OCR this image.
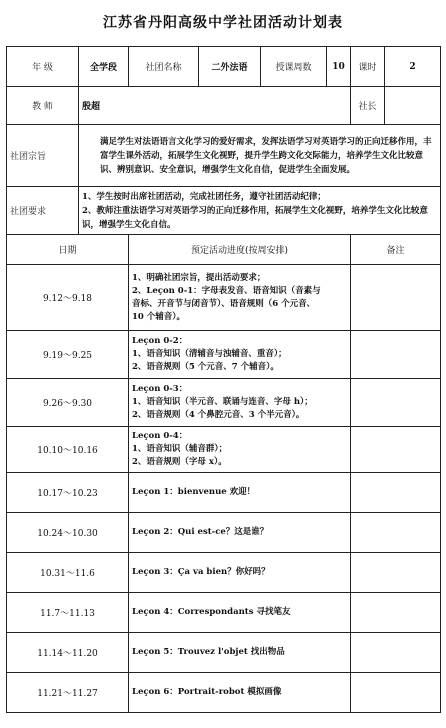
江苏省丹阳高级中学社团活动计划表
年 级	全学段	社团名称	二外法语	授课周数	10	课时	2
教 师	殷超					社长	
社团宗旨	满足学生对法语语言文化学习的爱好需求，发挥法语学习对英语学习的正向迁移作用，丰富学生课外活动，拓展学生文化视野，提升学生跨文化交际能力，培养学生文化比较意识、辨别意识、安全意识，增强学生文化自信，促进学生全面发展。						

社团要求	1、学生按时出席社团活动，完成社团任务，遵守社团活动纪律；
2、教师注重法语学习对英语学习的正向迁移作用，拓展学生文化视野，培养学生文化比较意识，增强学生文化自信。						

日期		预定活动进度(按周安排)				备注	
9.12～9.18		1、明确社团宗旨，提出活动要求；
2、Leçon 0-1：字母表发音、语音知识（音素与
音标、开音节与闭音节）、语音规则（6 个元音、
10 个辅音）。					

9.19～9.25		Leçon 0-2：
1、语音知识（清辅音与浊辅音、重音）；
2、语音规则（5 个元音、7 个辅音）。					

9.26～9.30		Leçon 0-3：
1、语音知识（半元音、联诵与连音、字母 h）；
2、语音规则（4 个鼻腔元音、3 个半元音）。					

10.10～10.16		Leçon 0-4：
1、语音知识（辅音群）；
2、语音规则（字母 x）。					

10.17～10.23		Leçon 1：bienvenue 欢迎！					
10.24～10.30		Leçon 2：Qui est-ce？这是谁？					
10.31～11.6		Leçon 3：Ça va bien？你好吗？					
11.7～11.13		Leçon 4：Correspondants 寻找笔友					
11.14～11.20		Leçon 5：Trouvez l'objet 找出物品					
11.21～11.27		Leçon 6：Portrait-robot 模拟画像					
